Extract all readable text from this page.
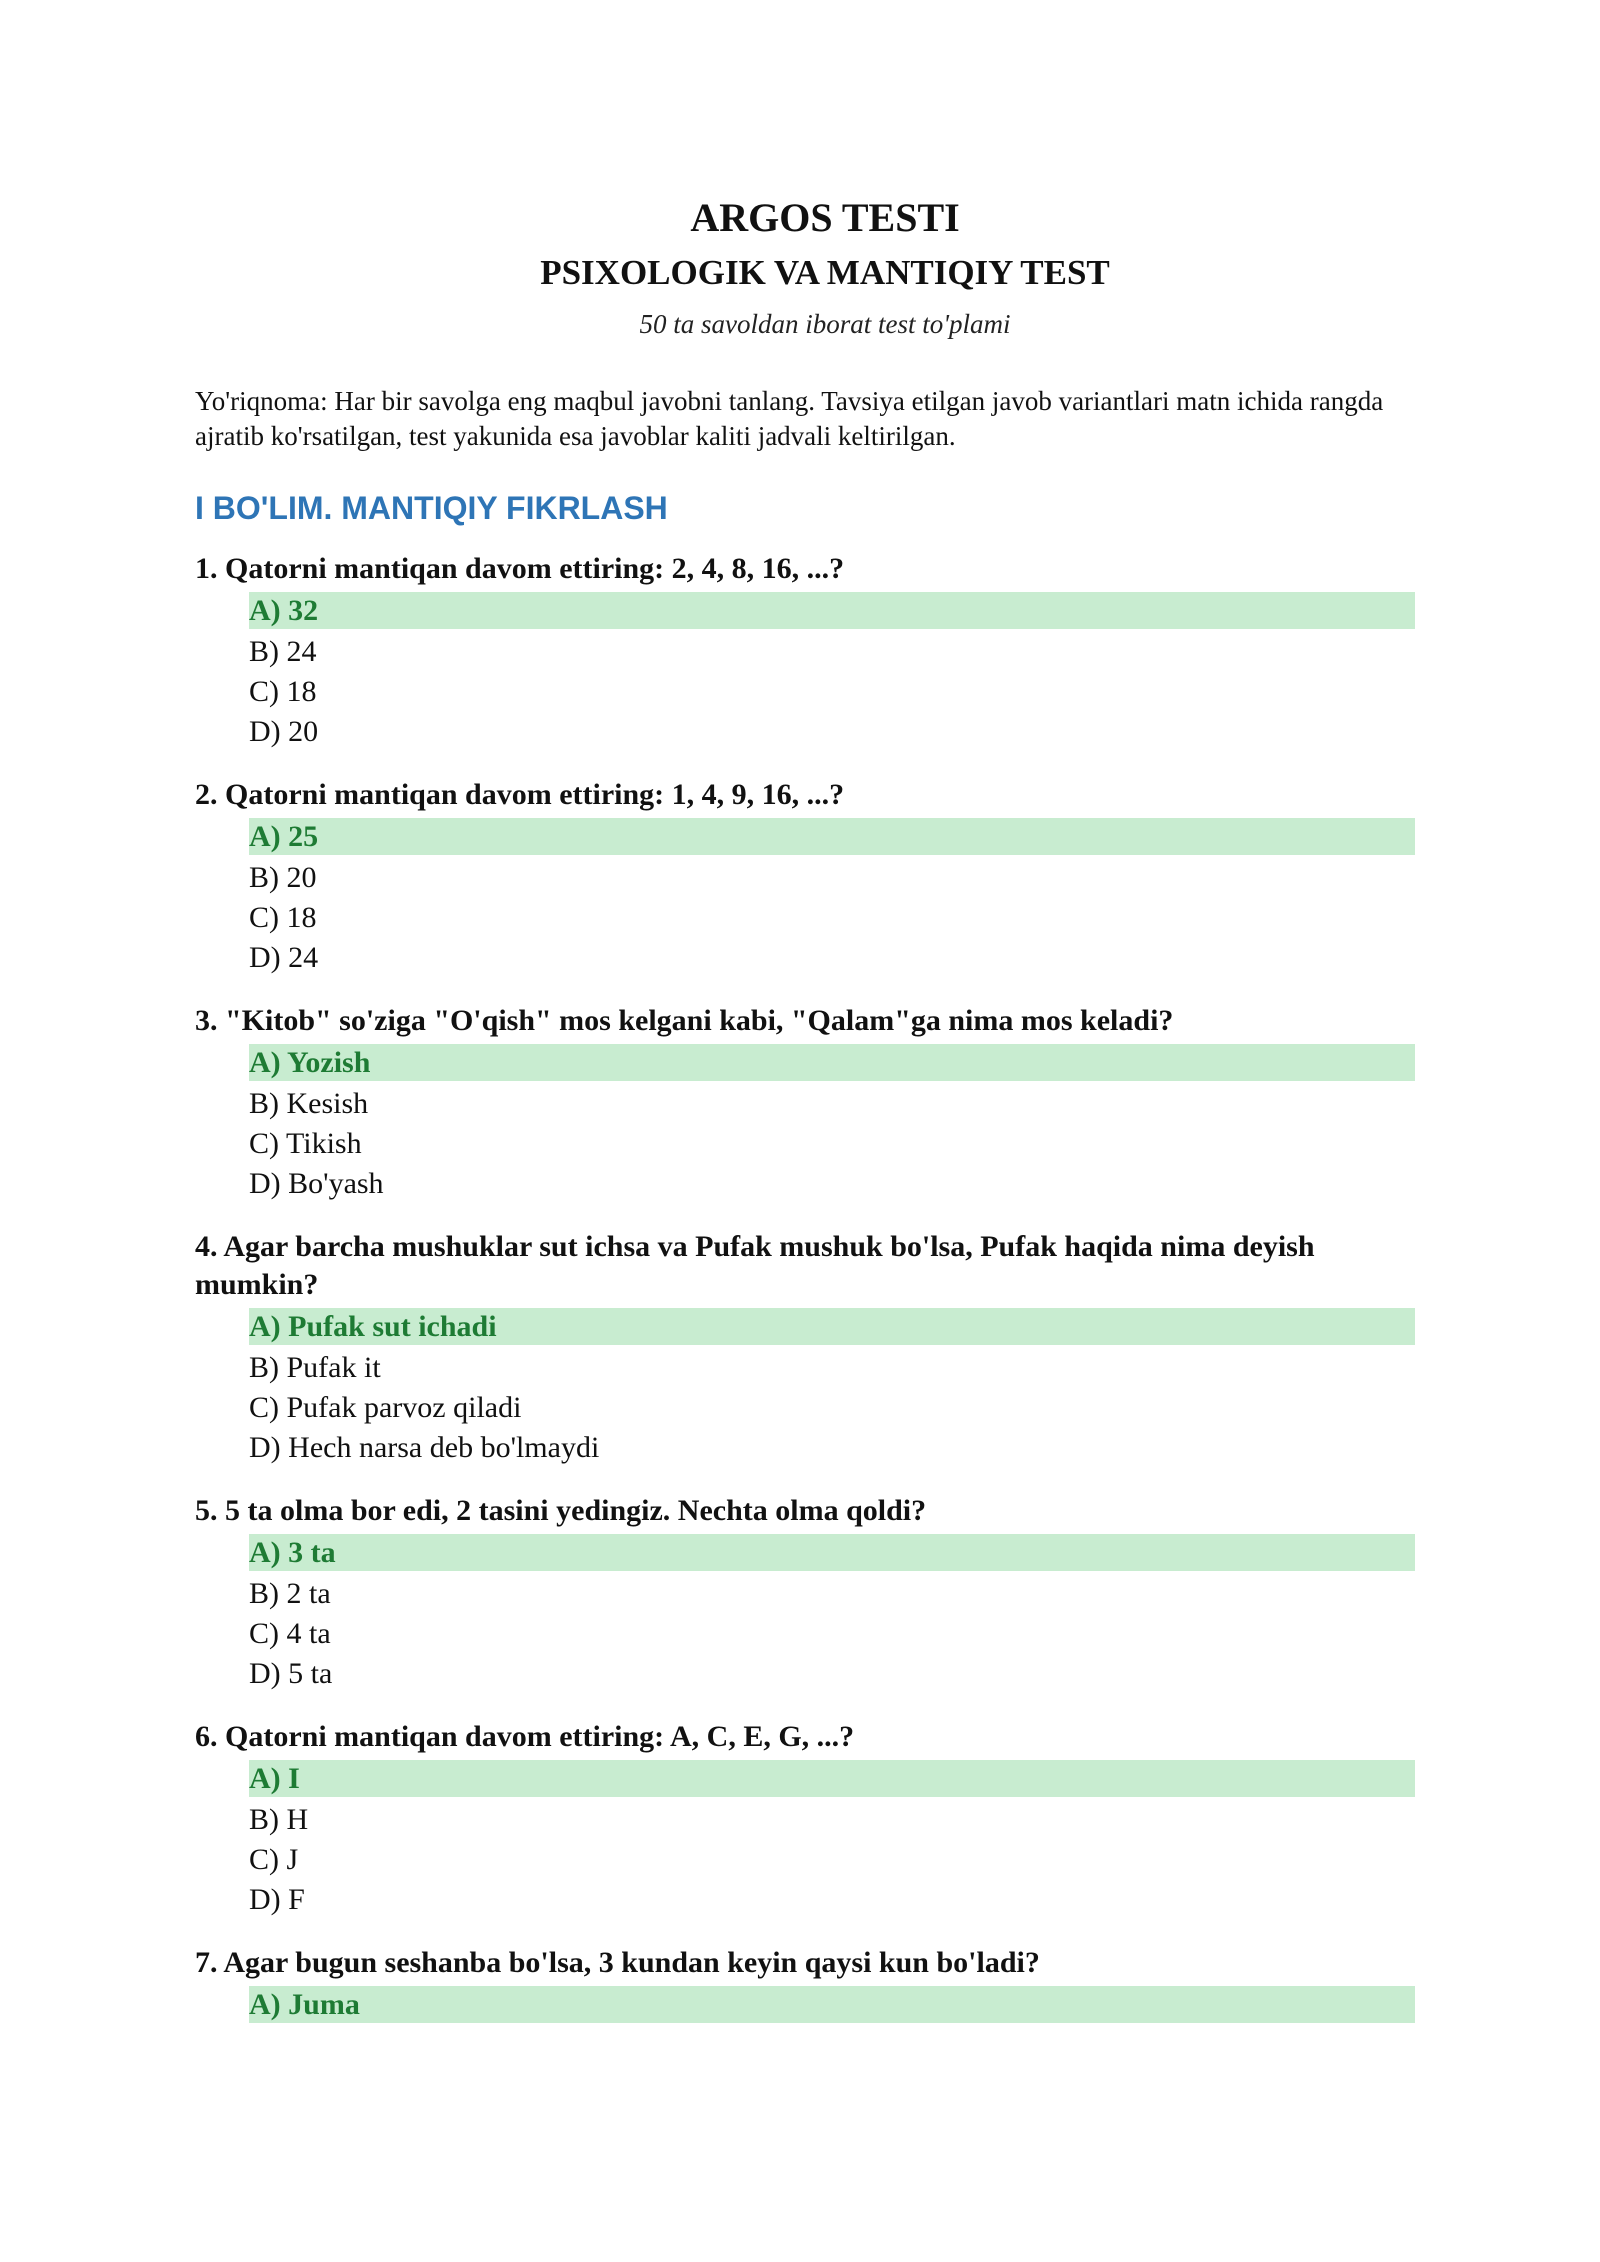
ARGOS TESTI
PSIXOLOGIK VA MANTIQIY TEST
50 ta savoldan iborat test to'plami

Yo'riqnoma: Har bir savolga eng maqbul javobni tanlang. Tavsiya etilgan javob variantlari matn ichida rangda ajratib ko'rsatilgan, test yakunida esa javoblar kaliti jadvali keltirilgan.

I BO'LIM. MANTIQIY FIKRLASH
1. Qatorni mantiqan davom ettiring: 2, 4, 8, 16, ...?
A) 32
B) 24
C) 18
D) 20
2. Qatorni mantiqan davom ettiring: 1, 4, 9, 16, ...?
A) 25
B) 20
C) 18
D) 24
3. "Kitob" so'ziga "O'qish" mos kelgani kabi, "Qalam"ga nima mos keladi?
A) Yozish
B) Kesish
C) Tikish
D) Bo'yash
4. Agar barcha mushuklar sut ichsa va Pufak mushuk bo'lsa, Pufak haqida nima deyish mumkin?
A) Pufak sut ichadi
B) Pufak it
C) Pufak parvoz qiladi
D) Hech narsa deb bo'lmaydi
5. 5 ta olma bor edi, 2 tasini yedingiz. Nechta olma qoldi?
A) 3 ta
B) 2 ta
C) 4 ta
D) 5 ta
6. Qatorni mantiqan davom ettiring: A, C, E, G, ...?
A) I
B) H
C) J
D) F
7. Agar bugun seshanba bo'lsa, 3 kundan keyin qaysi kun bo'ladi?
A) Juma
